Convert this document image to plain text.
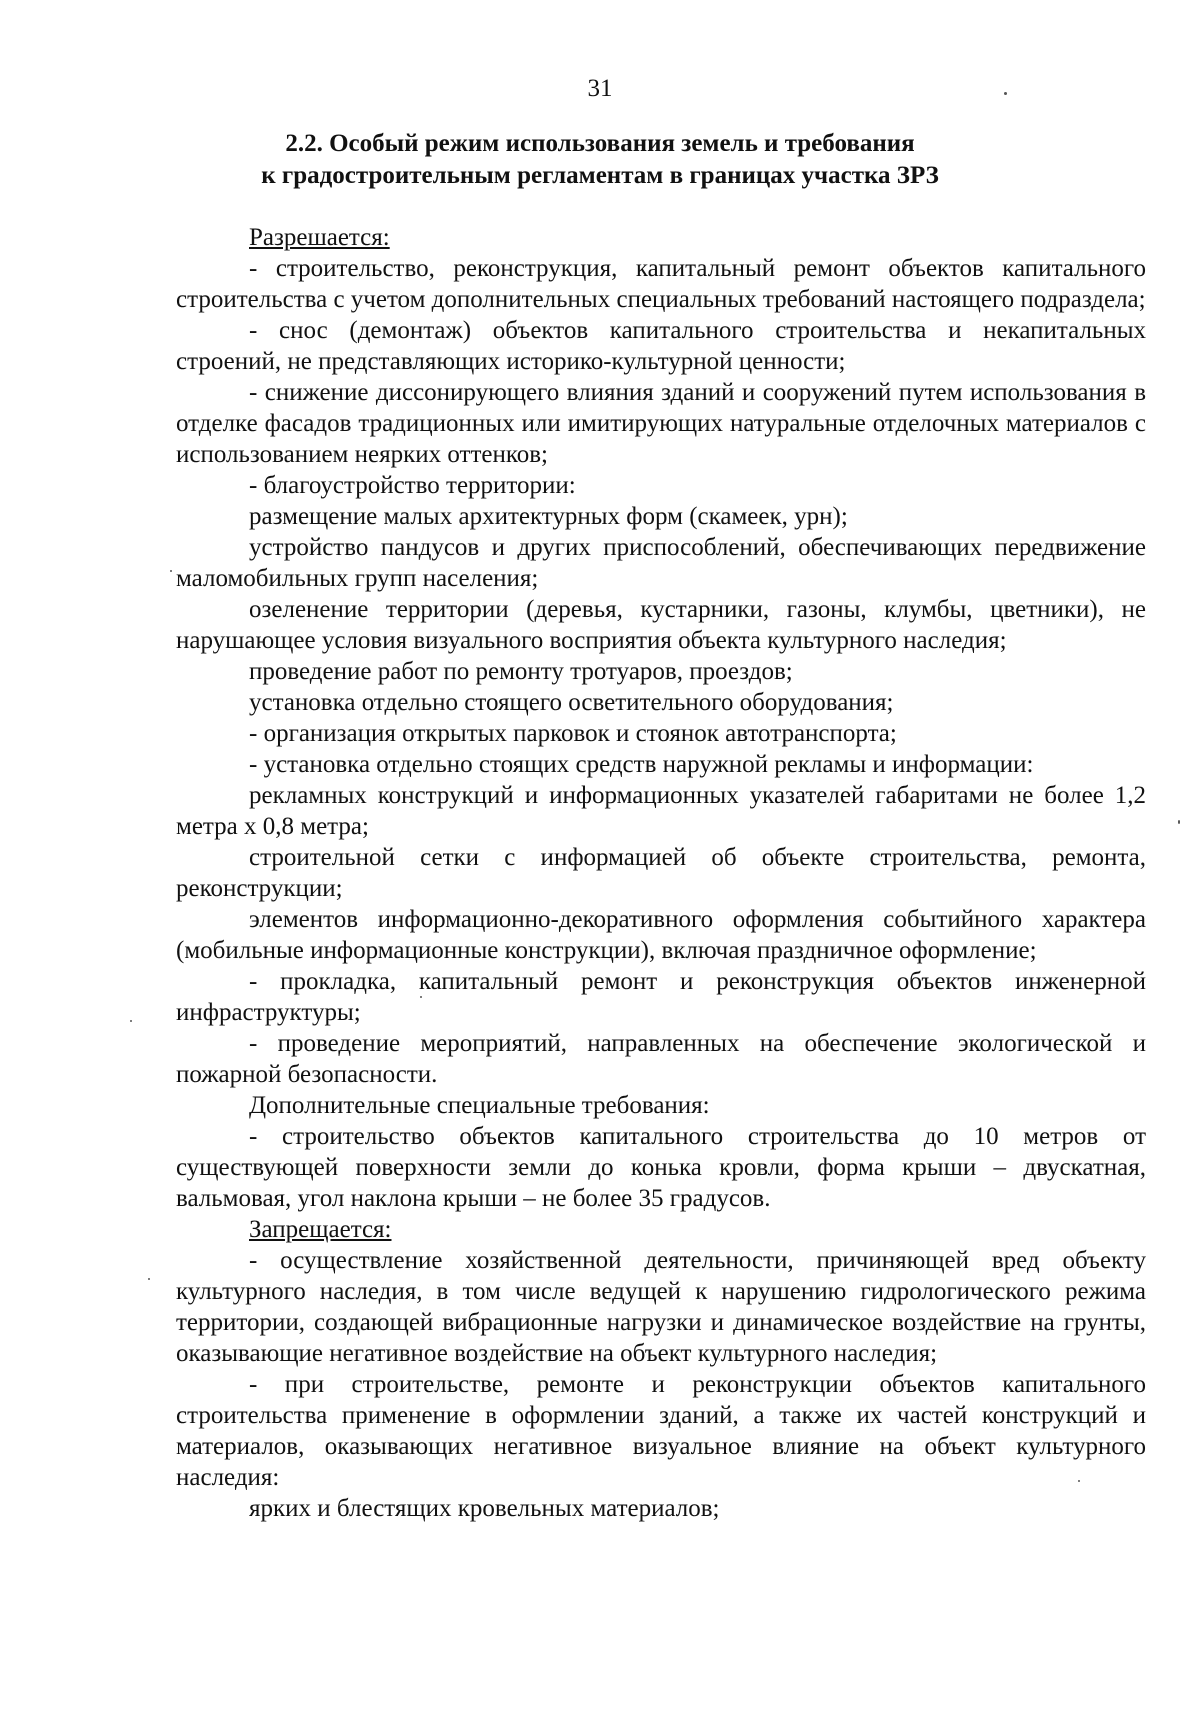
31
2.2. Особый режим использования земель и требования
к градостроительным регламентам в границах участка ЗРЗ

Разрешается:

- строительство, реконструкция, капитальный ремонт объектов капитального строительства с учетом дополнительных специальных требований настоящего подраздела;

- снос (демонтаж) объектов капитального строительства и некапитальных строений, не представляющих историко-культурной ценности;

- снижение диссонирующего влияния зданий и сооружений путем использования в отделке фасадов традиционных или имитирующих натуральные отделочных материалов с использованием неярких оттенков;

- благоустройство территории:

размещение малых архитектурных форм (скамеек, урн);

устройство пандусов и других приспособлений, обеспечивающих передвижение маломобильных групп населения;

озеленение территории (деревья, кустарники, газоны, клумбы, цветники), не нарушающее условия визуального восприятия объекта культурного наследия;

проведение работ по ремонту тротуаров, проездов;

установка отдельно стоящего осветительного оборудования;

- организация открытых парковок и стоянок автотранспорта;

- установка отдельно стоящих средств наружной рекламы и информации:

рекламных конструкций и информационных указателей габаритами не более 1,2 метра х 0,8 метра;

строительной сетки с информацией об объекте строительства, ремонта, реконструкции;

элементов информационно-декоративного оформления событийного характера (мобильные информационные конструкции), включая праздничное оформление;

- прокладка, капитальный ремонт и реконструкция объектов инженерной инфраструктуры;

- проведение мероприятий, направленных на обеспечение экологической и пожарной безопасности.

Дополнительные специальные требования:

- строительство объектов капитального строительства до 10 метров от существующей поверхности земли до конька кровли, форма крыши – двускатная, вальмовая, угол наклона крыши – не более 35 градусов.

Запрещается:

- осуществление хозяйственной деятельности, причиняющей вред объекту культурного наследия, в том числе ведущей к нарушению гидрологического режима территории, создающей вибрационные нагрузки и динамическое воздействие на грунты, оказывающие негативное воздействие на объект культурного наследия;

- при строительстве, ремонте и реконструкции объектов капитального строительства применение в оформлении зданий, а также их частей конструкций и материалов, оказывающих негативное визуальное влияние на объект культурного наследия:

ярких и блестящих кровельных материалов;
